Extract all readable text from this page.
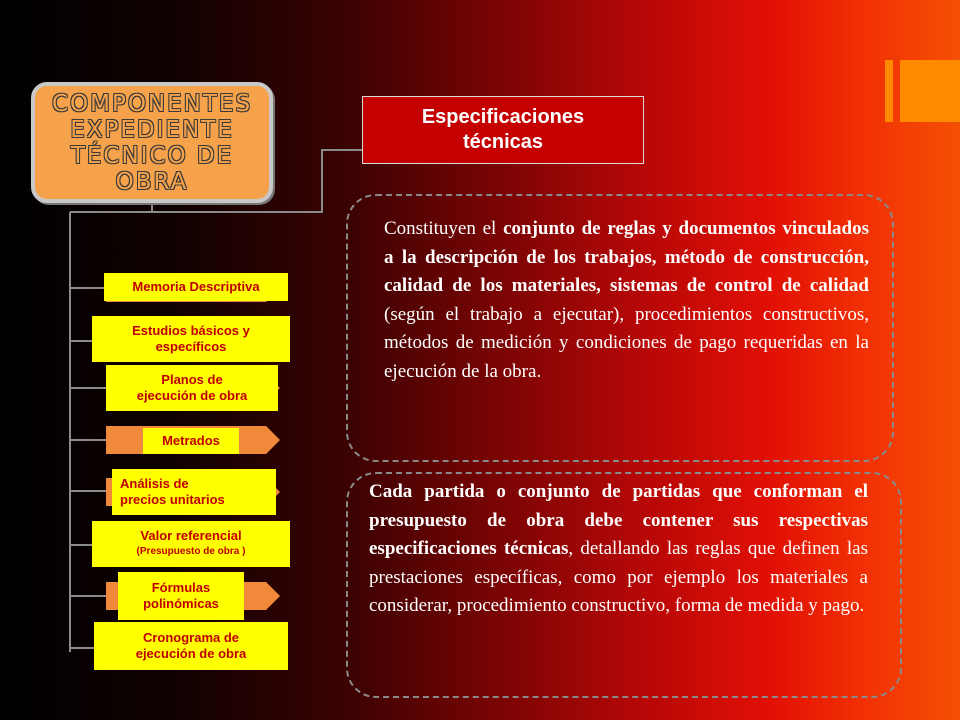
COMPONENTES
EXPEDIENTE
TÉCNICO DE
OBRA
Especificaciones
técnicas
Memoria Descriptiva
Estudios básicos y
específicos
Planos de
ejecución de obra
Metrados
Análisis de
precios unitarios
Valor referencial
(Presupuesto de obra )
Fórmulas
polinómicas
Cronograma de
ejecución de obra
Constituyen el conjunto de reglas y documentos vinculados a la descripción de los trabajos, método de construcción, calidad de los materiales, sistemas de control de calidad (según el trabajo a ejecutar), procedimientos constructivos, métodos de medición y condiciones de pago requeridas en la ejecución de la obra.
Cada partida o conjunto de partidas que conforman el presupuesto de obra debe contener sus respectivas especificaciones técnicas, detallando las reglas que definen las prestaciones específicas, como por ejemplo los materiales a considerar, procedimiento constructivo, forma de medida y pago.
